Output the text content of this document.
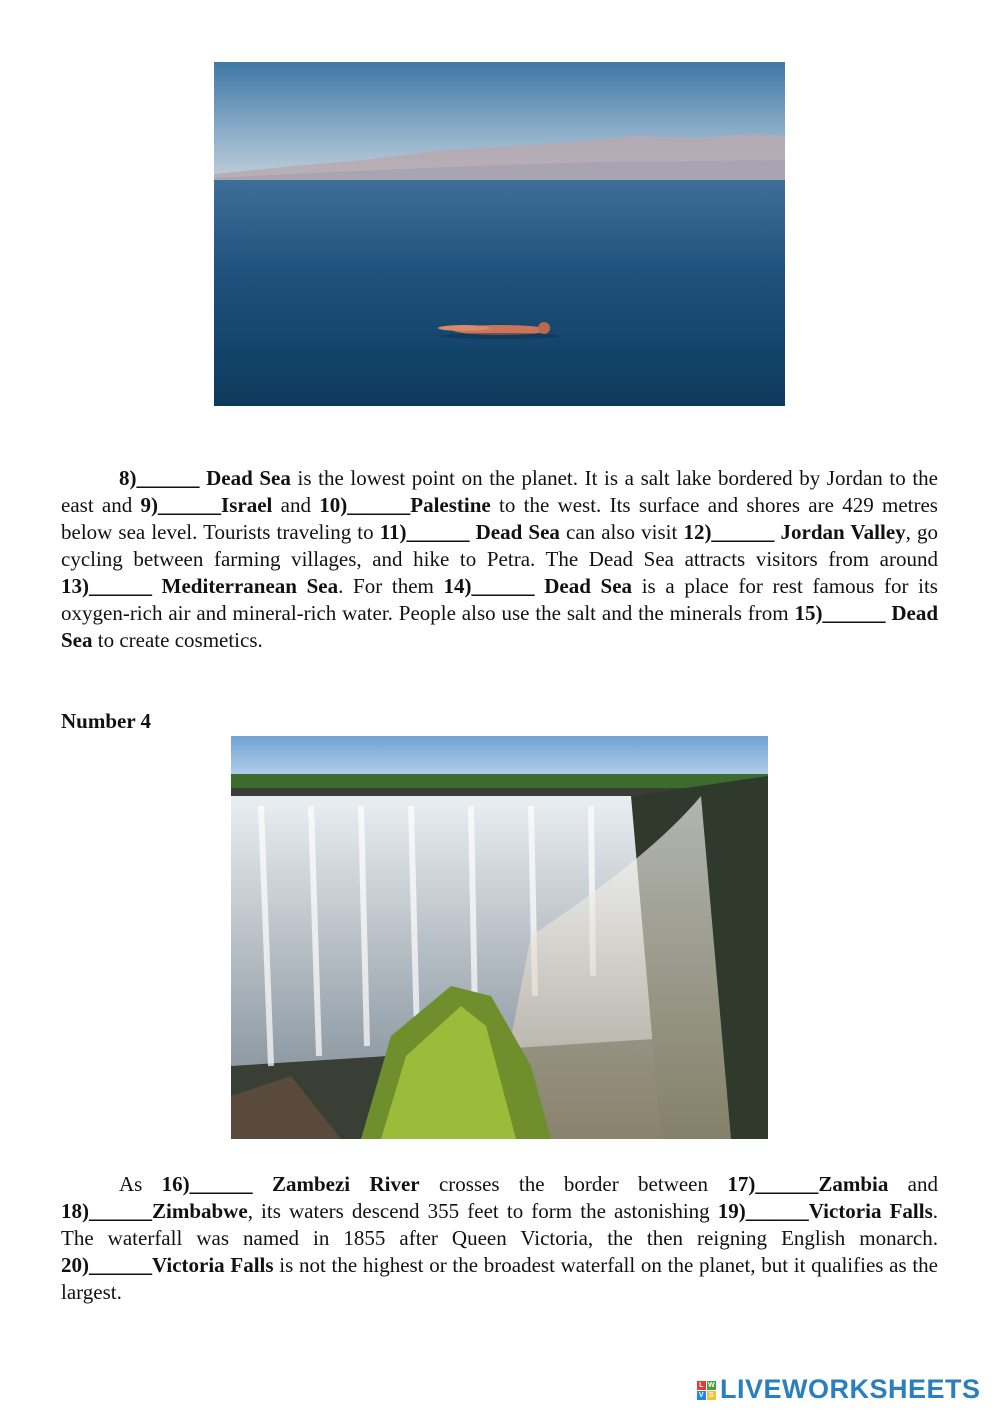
8)______ Dead Sea is the lowest point on the planet. It is a salt lake bordered by Jordan to the east and 9)______Israel and 10)______Palestine to the west. Its surface and shores are 429 metres below sea level. Tourists traveling to 11)______ Dead Sea can also visit 12)______ Jordan Valley, go cycling between farming villages, and hike to Petra. The Dead Sea attracts visitors from around 13)______ Mediterranean Sea. For them 14)______ Dead Sea is a place for rest famous for its oxygen-rich air and mineral-rich water. People also use the salt and the minerals from 15)______ Dead Sea to create cosmetics.
Number 4
As 16)______ Zambezi River crosses the border between 17)______Zambia and 18)______Zimbabwe, its waters descend 355 feet to form the astonishing 19)______Victoria Falls. The waterfall was named in 1855 after Queen Victoria, the then reigning English monarch. 20)______Victoria Falls is not the highest or the broadest waterfall on the planet, but it qualifies as the largest.
L W
V S LIVEWORKSHEETS
